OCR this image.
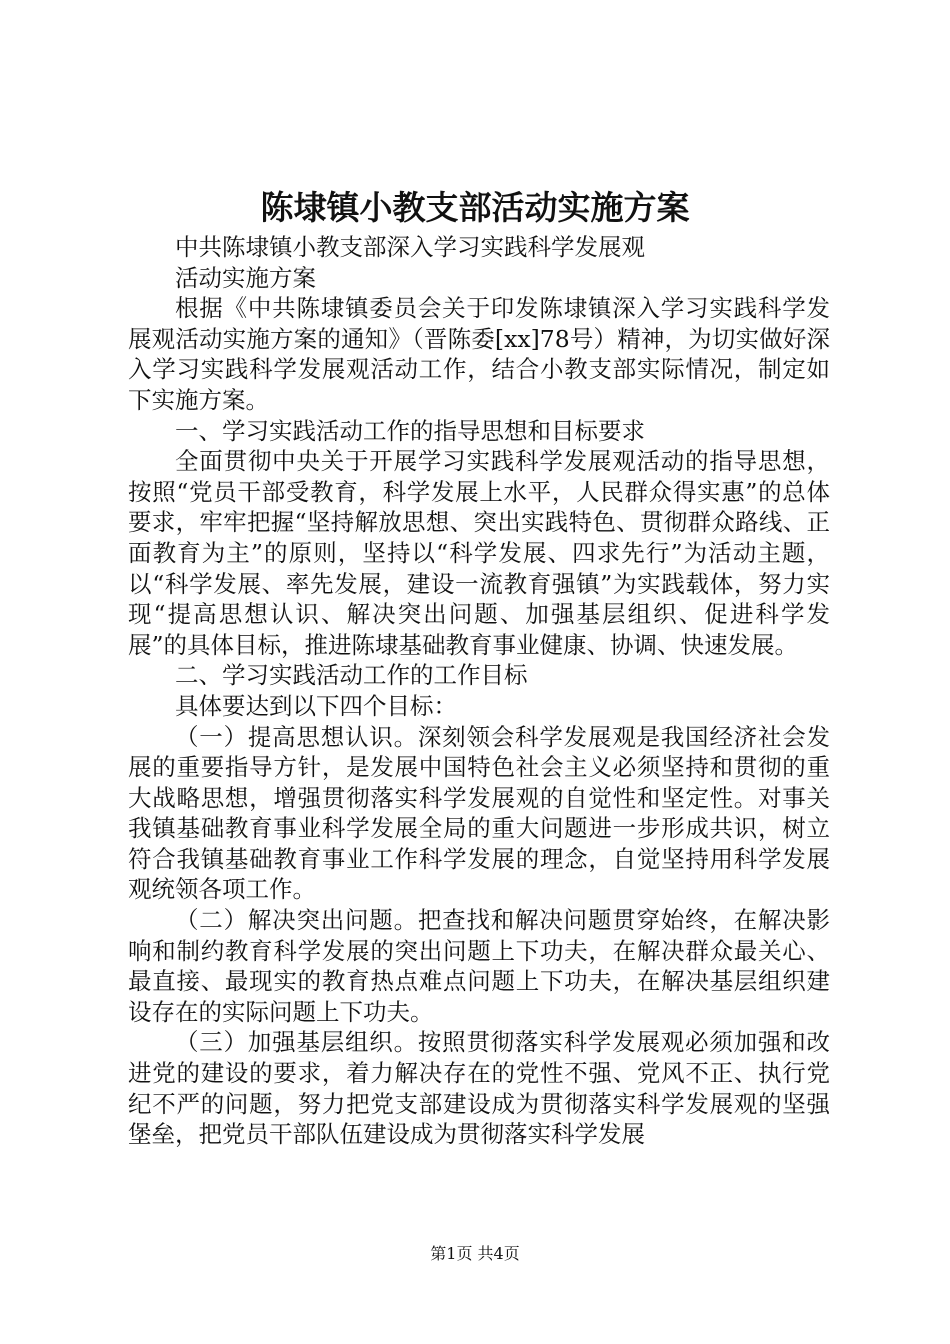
陈埭镇小教支部活动实施方案

中共陈埭镇小教支部深入学习实践科学发展观

活动实施方案

根据《中共陈埭镇委员会关于印发陈埭镇深入学习实践科学发展观活动实施方案的通知》（晋陈委[xx]78号）精神，为切实做好深入学习实践科学发展观活动工作，结合小教支部实际情况，制定如下实施方案。

一、学习实践活动工作的指导思想和目标要求

全面贯彻中央关于开展学习实践科学发展观活动的指导思想，按照“党员干部受教育，科学发展上水平，人民群众得实惠”的总体要求，牢牢把握“坚持解放思想、突出实践特色、贯彻群众路线、正面教育为主”的原则，坚持以“科学发展、四求先行”为活动主题，以“科学发展、率先发展，建设一流教育强镇”为实践载体，努力实现“提高思想认识、解决突出问题、加强基层组织、促进科学发展”的具体目标，推进陈埭基础教育事业健康、协调、快速发展。

二、学习实践活动工作的工作目标

具体要达到以下四个目标：

（一）提高思想认识。深刻领会科学发展观是我国经济社会发展的重要指导方针，是发展中国特色社会主义必须坚持和贯彻的重大战略思想，增强贯彻落实科学发展观的自觉性和坚定性。对事关我镇基础教育事业科学发展全局的重大问题进一步形成共识，树立符合我镇基础教育事业工作科学发展的理念，自觉坚持用科学发展观统领各项工作。

（二）解决突出问题。把查找和解决问题贯穿始终，在解决影响和制约教育科学发展的突出问题上下功夫，在解决群众最关心、最直接、最现实的教育热点难点问题上下功夫，在解决基层组织建设存在的实际问题上下功夫。

（三）加强基层组织。按照贯彻落实科学发展观必须加强和改进党的建设的要求，着力解决存在的党性不强、党风不正、执行党纪不严的问题，努力把党支部建设成为贯彻落实科学发展观的坚强堡垒，把党员干部队伍建设成为贯彻落实科学发展

第1页 共4页
